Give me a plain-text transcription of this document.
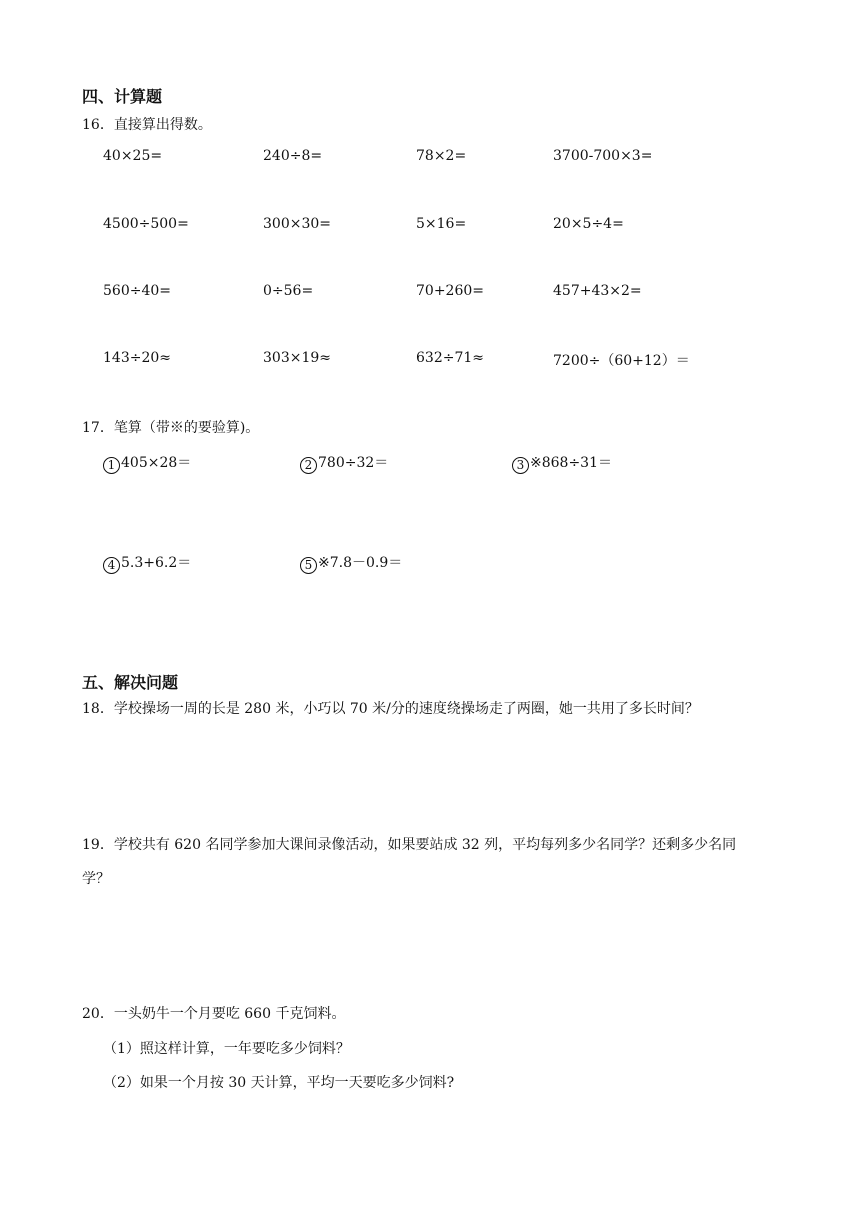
四、计算题
16．直接算出得数。
40×25=	240÷8=	78×2=	3700-700×3=
4500÷500=	300×30=	5×16=	20×5÷4=
560÷40=	0÷56=	70+260=	457+43×2=
143÷20≈	303×19≈	632÷71≈	7200÷（60+12）＝
17．笔算（带※的要验算)。
1 405×28＝	2 780÷32＝	3 ※868÷31＝
4 5.3+6.2＝	5 ※7.8－0.9＝
五、解决问题
18．学校操场一周的长是 280 米，小巧以 70 米/分的速度绕操场走了两圈，她一共用了多长时间？
19．学校共有 620 名同学参加大课间录像活动，如果要站成 32 列，平均每列多少名同学？还剩多少名同
学？
20．一头奶牛一个月要吃 660 千克饲料。
（1）照这样计算，一年要吃多少饲料？
（2）如果一个月按 30 天计算，平均一天要吃多少饲料?
